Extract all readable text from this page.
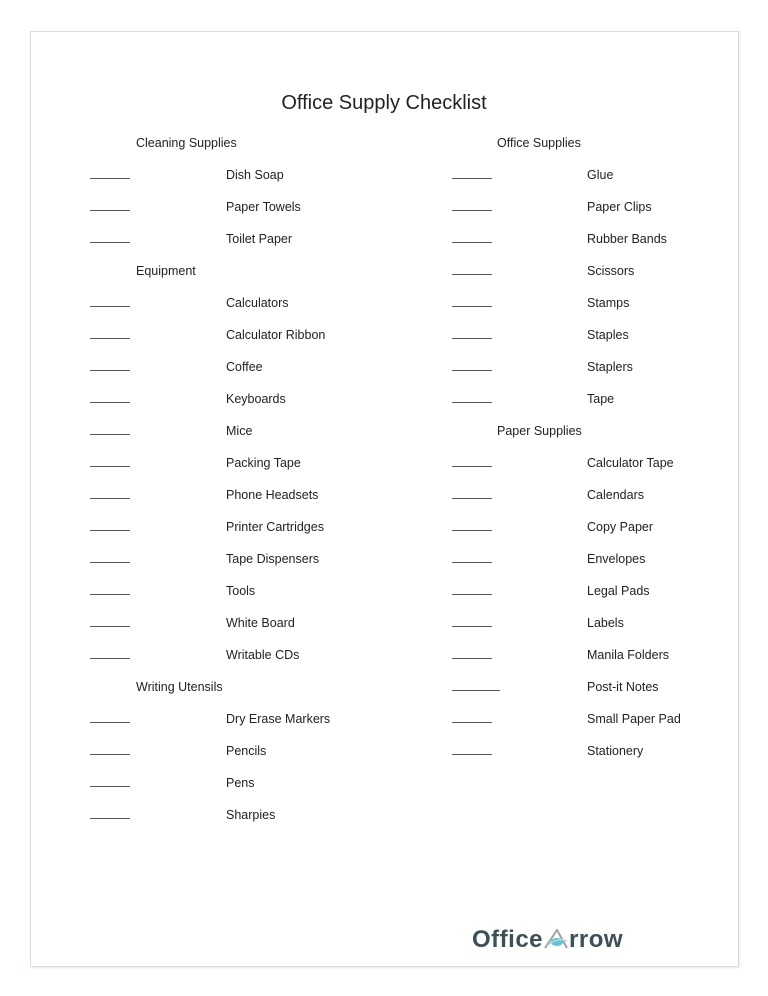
Office Supply Checklist
Cleaning Supplies
Dish Soap
Paper Towels
Toilet Paper
Equipment
Calculators
Calculator Ribbon
Coffee
Keyboards
Mice
Packing Tape
Phone Headsets
Printer Cartridges
Tape Dispensers
Tools
White Board
Writable CDs
Writing Utensils
Dry Erase Markers
Pencils
Pens
Sharpies
Office Supplies
Glue
Paper Clips
Rubber Bands
Scissors
Stamps
Staples
Staplers
Tape
Paper Supplies
Calculator Tape
Calendars
Copy Paper
Envelopes
Legal Pads
Labels
Manila Folders
Post-it Notes
Small Paper Pad
Stationery
Office rrow
